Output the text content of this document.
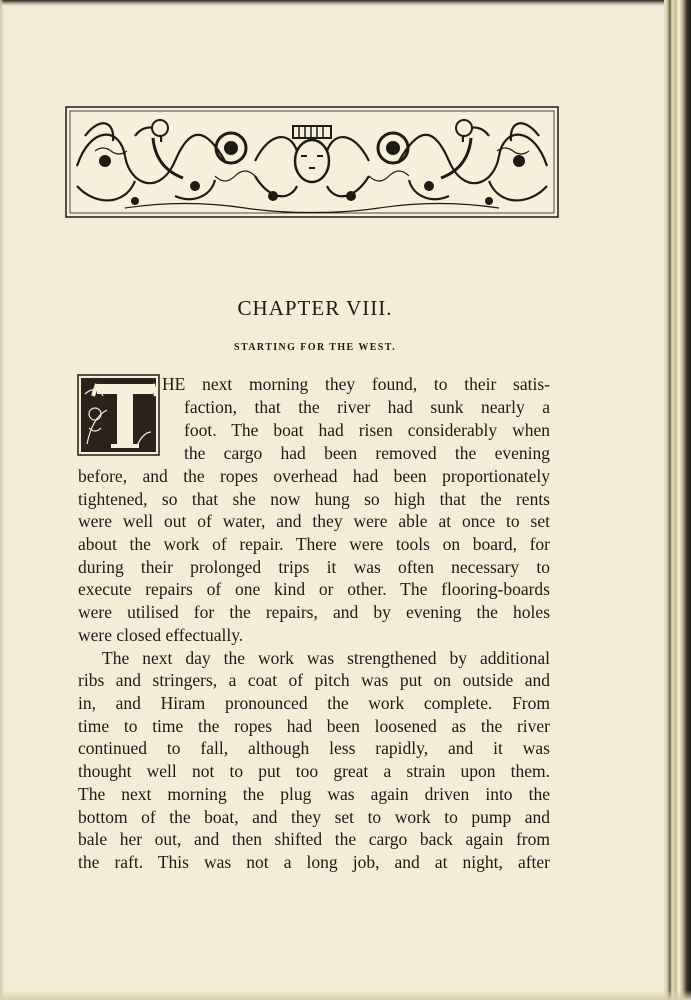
CHAPTER VIII.
STARTING FOR THE WEST.
HE next morning they found, to their satis-
faction, that the river had sunk nearly a
foot. The boat had risen considerably when
the cargo had been removed the evening
before, and the ropes overhead had been proportionately
tightened, so that she now hung so high that the rents
were well out of water, and they were able at once to set
about the work of repair. There were tools on board, for
during their prolonged trips it was often necessary to
execute repairs of one kind or other. The flooring-boards
were utilised for the repairs, and by evening the holes
were closed effectually.
The next day the work was strengthened by additional
ribs and stringers, a coat of pitch was put on outside and
in, and Hiram pronounced the work complete. From
time to time the ropes had been loosened as the river
continued to fall, although less rapidly, and it was
thought well not to put too great a strain upon them.
The next morning the plug was again driven into the
bottom of the boat, and they set to work to pump and
bale her out, and then shifted the cargo back again from
the raft. This was not a long job, and at night, after
